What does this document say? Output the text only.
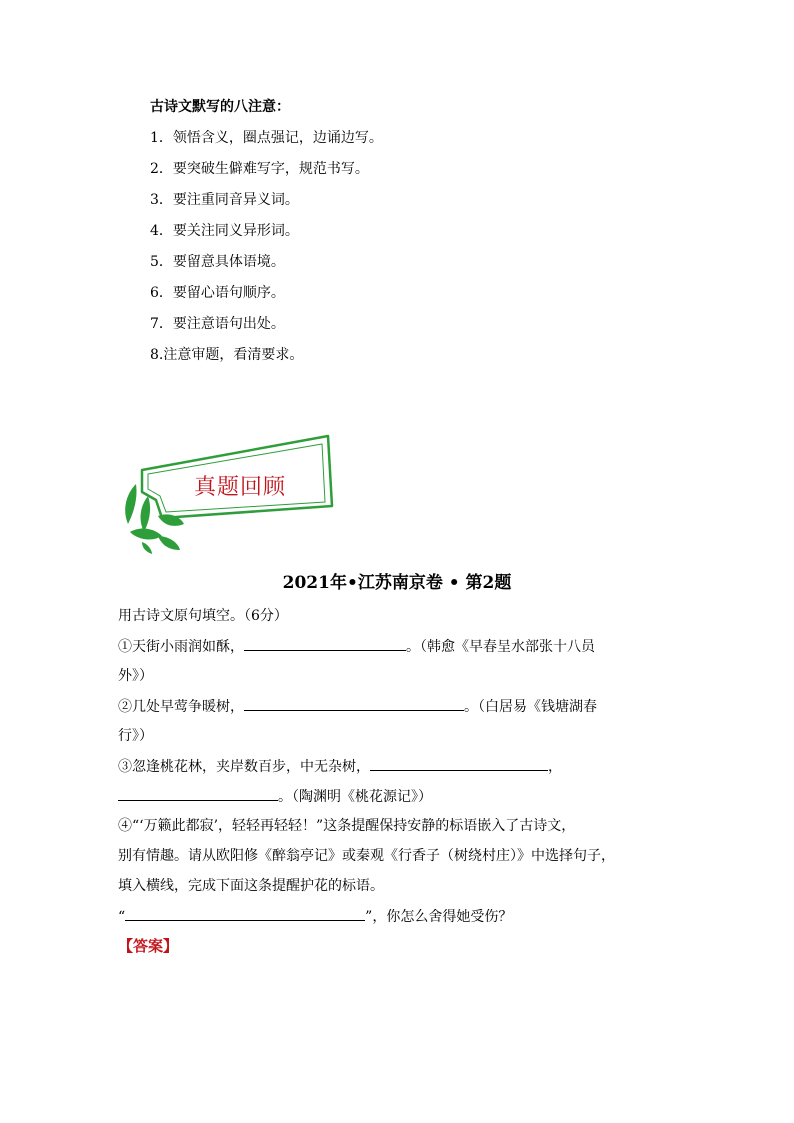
古诗文默写的八注意：
1．领悟含义，圈点强记，边诵边写。
2．要突破生僻难写字，规范书写。
3．要注重同音异义词。
4．要关注同义异形词。
5．要留意具体语境。
6．要留心语句顺序。
7．要注意语句出处。
8.注意审题，看清要求。
真题回顾
2021年•江苏南京卷 • 第2题
用古诗文原句填空。（6分）
①天街小雨润如酥，	。（韩愈《早春呈水部张十八员
外》）
②几处早莺争暖树，	。（白居易《钱塘湖春
行》）
③忽逢桃花林，夹岸数百步，中无杂树，	，
。（陶渊明《桃花源记》）
④“‘万籁此都寂’，轻轻再轻轻！”这条提醒保持安静的标语嵌入了古诗文，
别有情趣。请从欧阳修《醉翁亭记》或秦观《行香子（树绕村庄）》中选择句子，
填入横线，完成下面这条提醒护花的标语。
“	”，你怎么舍得她受伤？
【答案】
